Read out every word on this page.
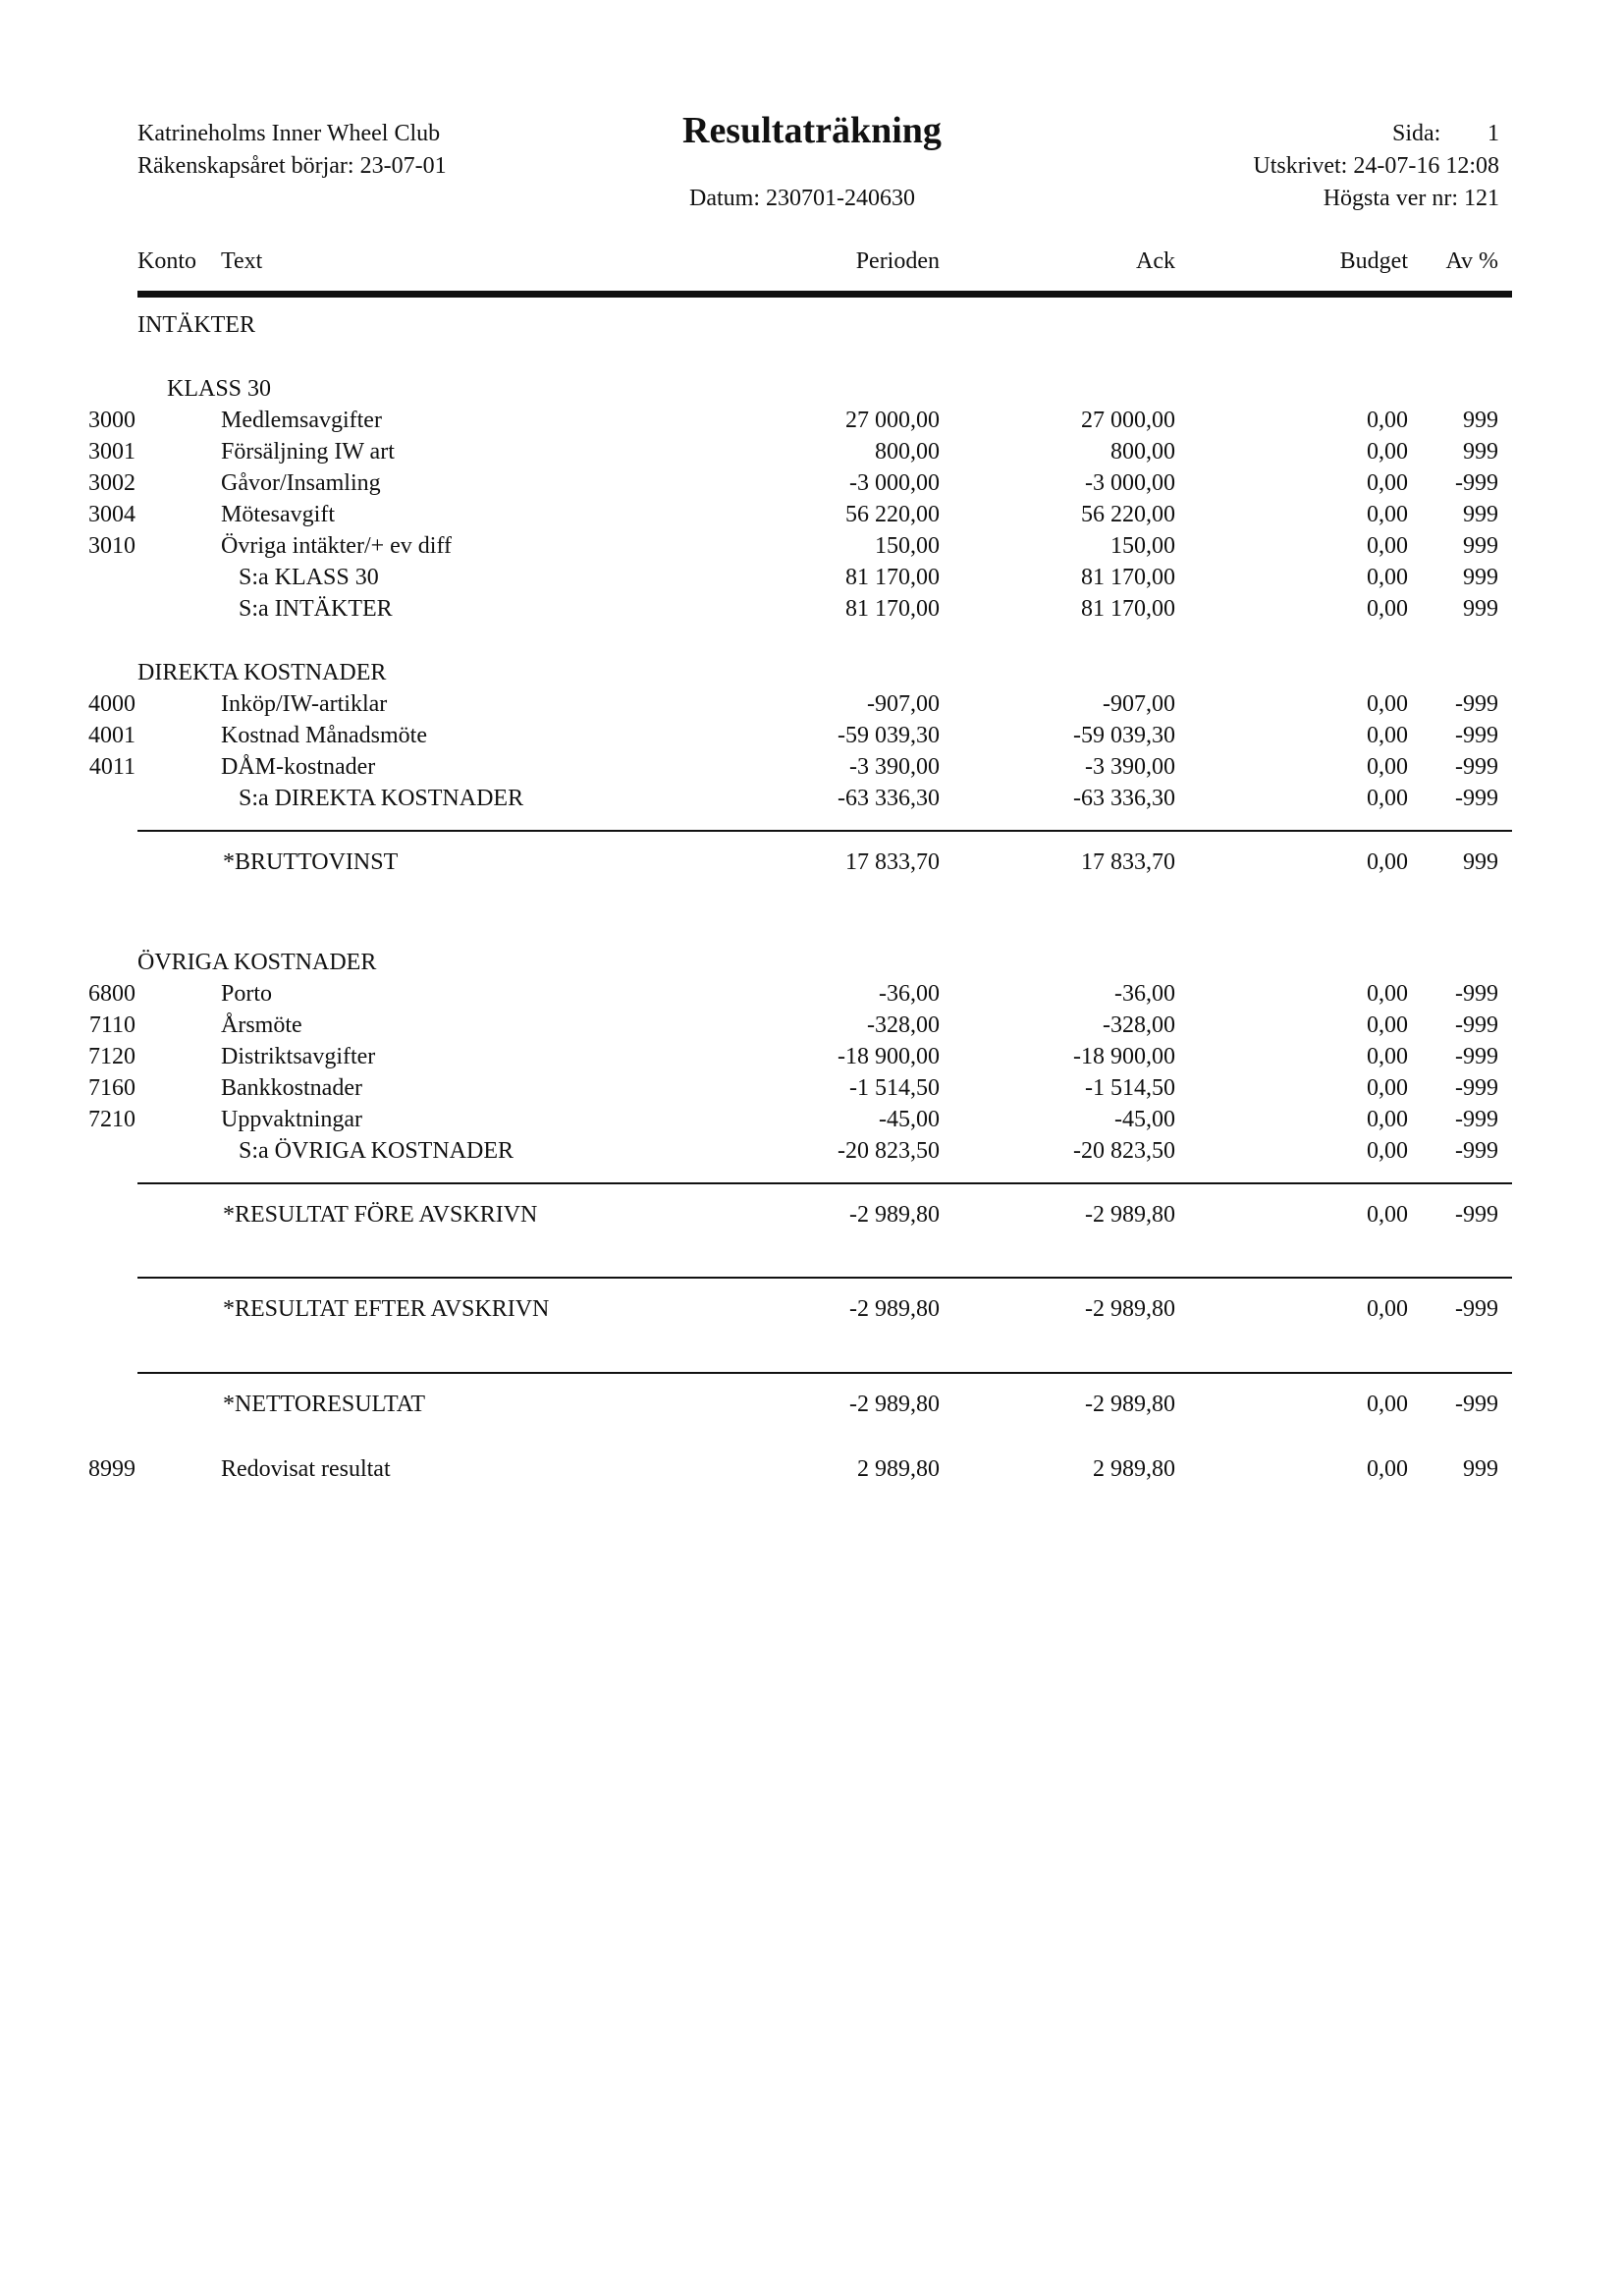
Katrineholms Inner Wheel Club
Räkenskapsåret börjar: 23-07-01
Resultaträkning
Datum: 230701-240630
Sida: 1
Utskrivet: 24-07-16 12:08
Högsta ver nr: 121
Konto Text	Perioden	Ack	Budget Av %
INTÄKTER
KLASS 30
3000	Medlemsavgifter	27 000,00	27 000,00	0,00 999
3001	Försäljning IW art	800,00	800,00	0,00 999
3002	Gåvor/Insamling	-3 000,00	-3 000,00	0,00 -999
3004	Mötesavgift	56 220,00	56 220,00	0,00 999
3010	Övriga intäkter/+ ev diff	150,00	150,00	0,00 999
S:a KLASS 30	81 170,00	81 170,00	0,00 999
S:a INTÄKTER	81 170,00	81 170,00	0,00 999
DIREKTA KOSTNADER
4000	Inköp/IW-artiklar	-907,00	-907,00	0,00 -999
4001	Kostnad Månadsmöte	-59 039,30	-59 039,30	0,00 -999
4011	DÅM-kostnader	-3 390,00	-3 390,00	0,00 -999
S:a DIREKTA KOSTNADER	-63 336,30	-63 336,30	0,00 -999
*BRUTTOVINST	17 833,70	17 833,70	0,00 999
ÖVRIGA KOSTNADER
6800	Porto	-36,00	-36,00	0,00 -999
7110	Årsmöte	-328,00	-328,00	0,00 -999
7120	Distriktsavgifter	-18 900,00	-18 900,00	0,00 -999
7160	Bankkostnader	-1 514,50	-1 514,50	0,00 -999
7210	Uppvaktningar	-45,00	-45,00	0,00 -999
S:a ÖVRIGA KOSTNADER	-20 823,50	-20 823,50	0,00 -999
*RESULTAT FÖRE AVSKRIVN	-2 989,80	-2 989,80	0,00 -999
*RESULTAT EFTER AVSKRIVN	-2 989,80	-2 989,80	0,00 -999
*NETTORESULTAT	-2 989,80	-2 989,80	0,00 -999
8999	Redovisat resultat	2 989,80	2 989,80	0,00 999
